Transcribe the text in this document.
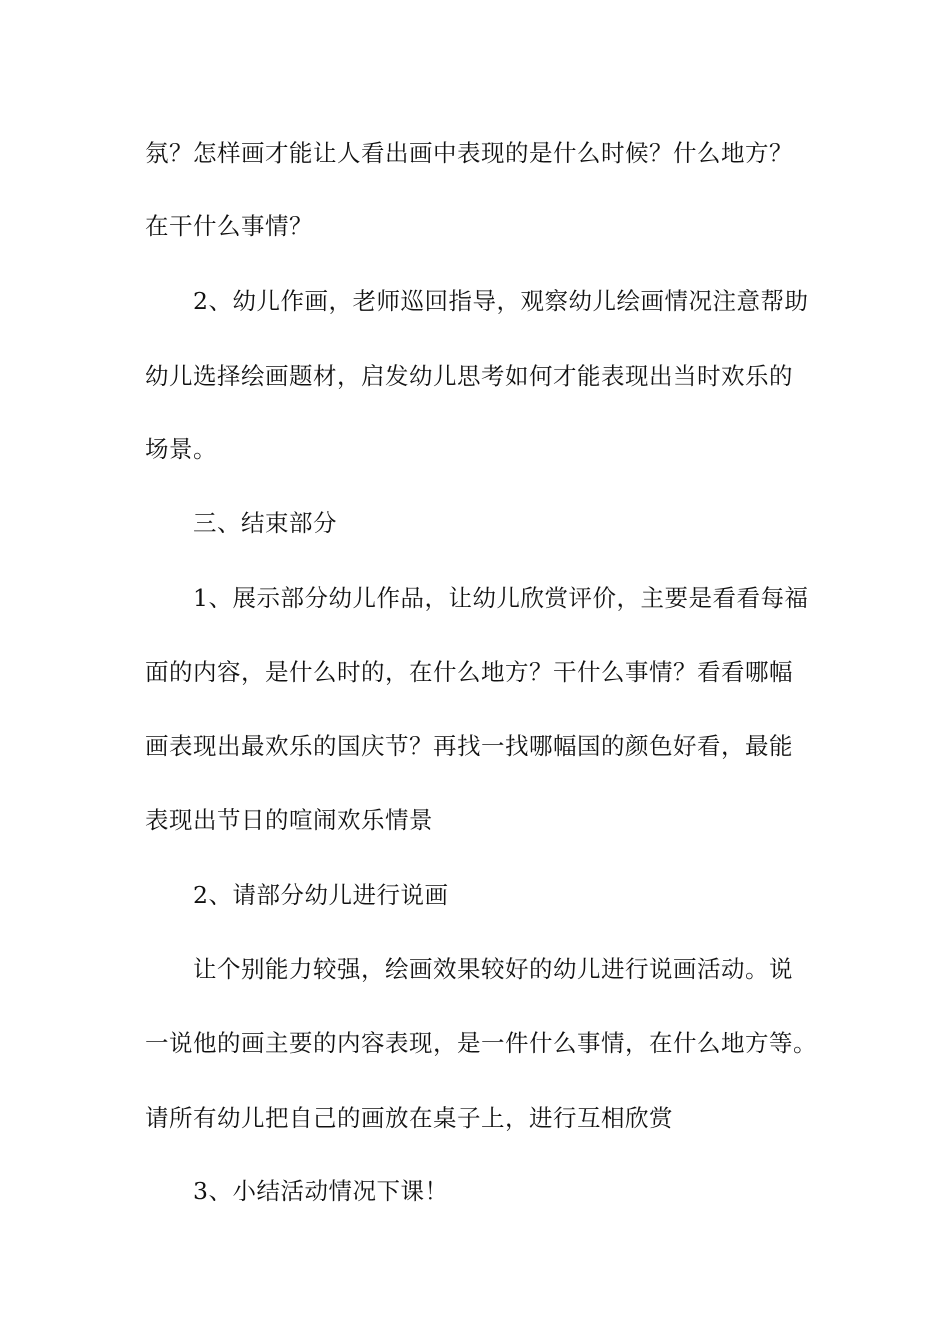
氛？怎样画才能让人看出画中表现的是什么时候？什么地方？
在干什么事情？
2、幼儿作画，老师巡回指导，观察幼儿绘画情况注意帮助
幼儿选择绘画题材，启发幼儿思考如何才能表现出当时欢乐的
场景。
三、结束部分
1、展示部分幼儿作品，让幼儿欣赏评价，主要是看看每福
面的内容，是什么时的，在什么地方？干什么事情？看看哪幅
画表现出最欢乐的国庆节？再找一找哪幅国的颜色好看，最能
表现出节日的喧闹欢乐情景
2、请部分幼儿进行说画
让个别能力较强，绘画效果较好的幼儿进行说画活动。说
一说他的画主要的内容表现，是一件什么事情，在什么地方等。
请所有幼儿把自己的画放在桌子上，进行互相欣赏
3、小结活动情况下课！
